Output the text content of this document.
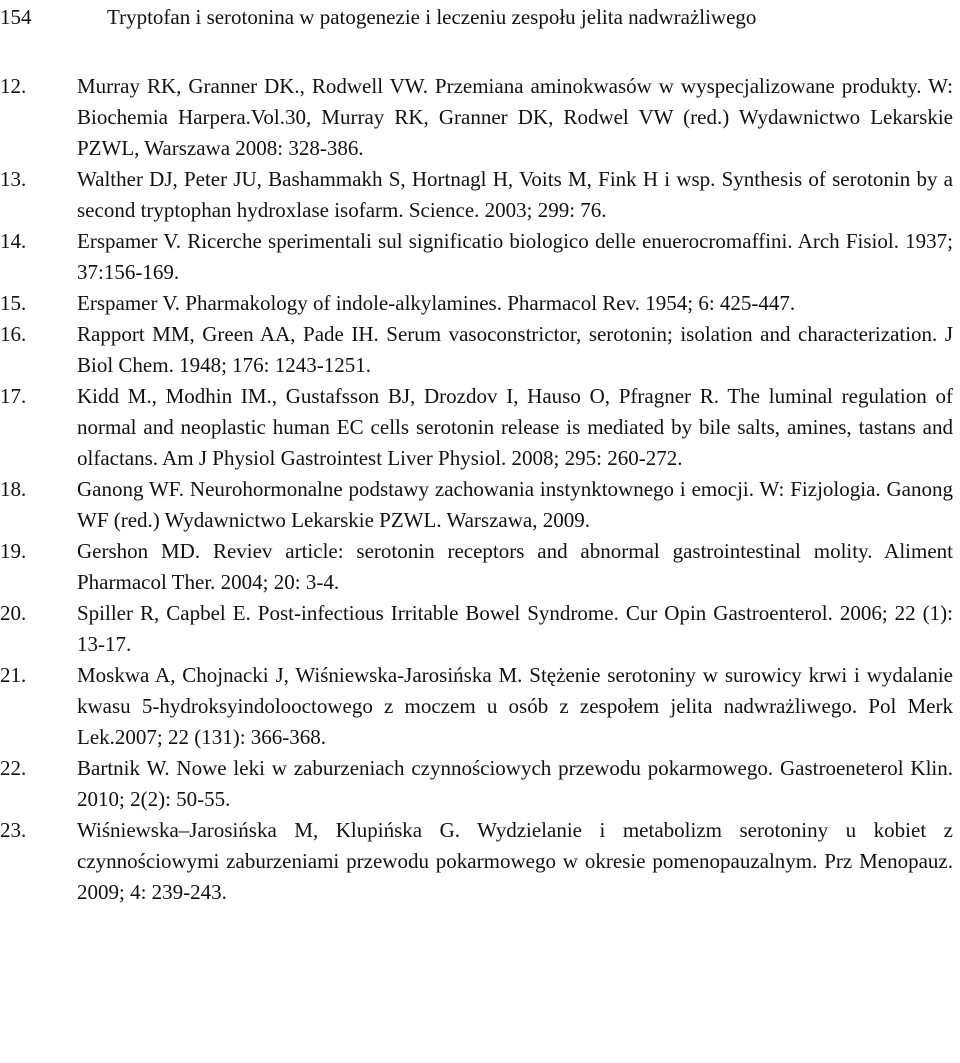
154	Tryptofan i serotonina w patogenezie i leczeniu zespołu jelita nadwrażliwego
12.	Murray RK, Granner DK., Rodwell VW. Przemiana aminokwasów w wyspecjalizowane produkty. W: Biochemia Harpera.Vol.30, Murray RK, Granner DK, Rodwel VW (red.) Wydawnictwo Lekarskie PZWL, Warszawa 2008: 328-386.
13.	Walther DJ, Peter JU, Bashammakh S, Hortnagl H, Voits M, Fink H i wsp. Synthesis of serotonin by a second tryptophan hydroxlase isofarm. Science. 2003; 299: 76.
14.	Erspamer V. Ricerche sperimentali sul significatio biologico delle enuerocromaffini. Arch Fisiol. 1937; 37:156-169.
15.	Erspamer V. Pharmakology of indole-alkylamines. Pharmacol Rev. 1954; 6: 425-447.
16.	Rapport MM, Green AA, Pade IH. Serum vasoconstrictor, serotonin; isolation and characterization. J Biol Chem. 1948; 176: 1243-1251.
17.	Kidd M., Modhin IM., Gustafsson BJ, Drozdov I, Hauso O, Pfragner R. The luminal regulation of normal and neoplastic human EC cells serotonin release is mediated by bile salts, amines, tastans and olfactans. Am J Physiol Gastrointest Liver Physiol. 2008; 295: 260-272.
18.	Ganong WF. Neurohormonalne podstawy zachowania instynktownego i emocji. W: Fizjologia. Ganong WF (red.) Wydawnictwo Lekarskie PZWL. Warszawa, 2009.
19.	Gershon MD. Reviev article: serotonin receptors and abnormal gastrointestinal molity. Aliment Pharmacol Ther. 2004; 20: 3-4.
20.	Spiller R, Capbel E. Post-infectious Irritable Bowel Syndrome. Cur Opin Gastroenterol. 2006; 22 (1): 13-17.
21.	Moskwa A, Chojnacki J, Wiśniewska-Jarosińska M. Stężenie serotoniny w surowicy krwi i wydalanie kwasu 5-hydroksyindolooctowego z moczem u osób z zespołem jelita nadwrażliwego. Pol Merk Lek.2007; 22 (131): 366-368.
22.	Bartnik W. Nowe leki w zaburzeniach czynnościowych przewodu pokarmowego. Gastroeneterol Klin. 2010; 2(2): 50-55.
23.	Wiśniewska–Jarosińska M, Klupińska G. Wydzielanie i metabolizm serotoniny u kobiet z czynnościowymi zaburzeniami przewodu pokarmowego w okresie pomenopauzalnym. Prz Menopauz. 2009; 4: 239-243.
